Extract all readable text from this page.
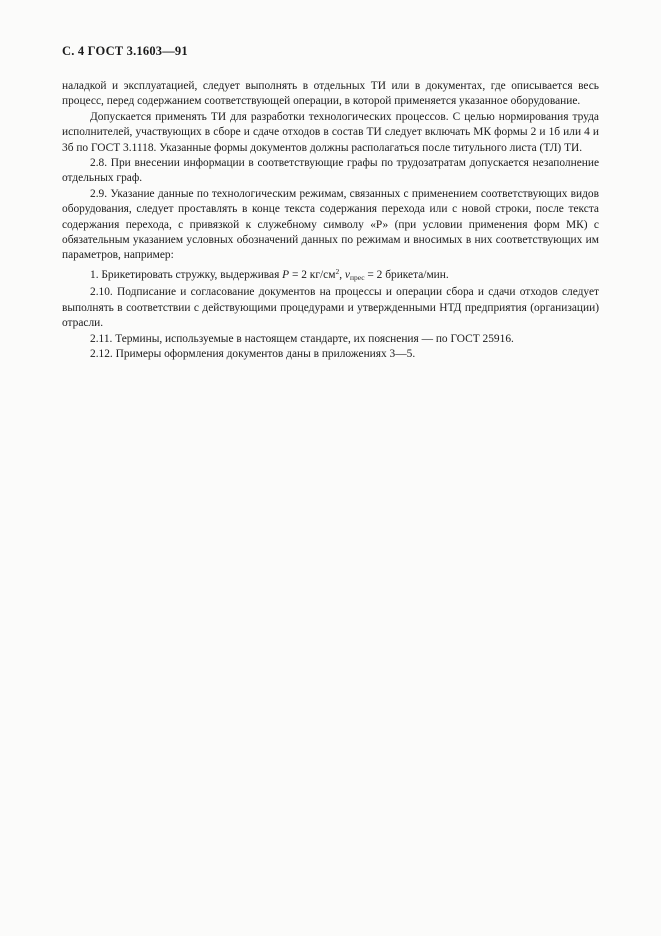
С. 4 ГОСТ 3.1603—91

наладкой и эксплуатацией, следует выполнять в отдельных ТИ или в документах, где описывается весь процесс, перед содержанием соответствующей операции, в которой применяется указанное оборудование.

Допускается применять ТИ для разработки технологических процессов. С целью нормирования труда исполнителей, участвующих в сборе и сдаче отходов в состав ТИ следует включать МК формы 2 и 1б или 4 и 3б по ГОСТ 3.1118. Указанные формы документов должны располагаться после титульного листа (ТЛ) ТИ.

2.8. При внесении информации в соответствующие графы по трудозатратам допускается незаполнение отдельных граф.

2.9. Указание данные по технологическим режимам, связанных с применением соответствующих видов оборудования, следует проставлять в конце текста содержания перехода или с новой строки, после текста содержания перехода, с привязкой к служебному символу «Р» (при условии применения форм МК) с обязательным указанием условных обозначений данных по режимам и вносимых в них соответствующих им параметров, например:

1. Брикетировать стружку, выдерживая P = 2 $кг/см^2$, $v_{прес} = 2$ брикета/мин.

2.10. Подписание и согласование документов на процессы и операции сбора и сдачи отходов следует выполнять в соответствии с действующими процедурами и утвержденными НТД предприятия (организации) отрасли.

2.11. Термины, используемые в настоящем стандарте, их пояснения — по ГОСТ 25916.

2.12. Примеры оформления документов даны в приложениях 3—5.
